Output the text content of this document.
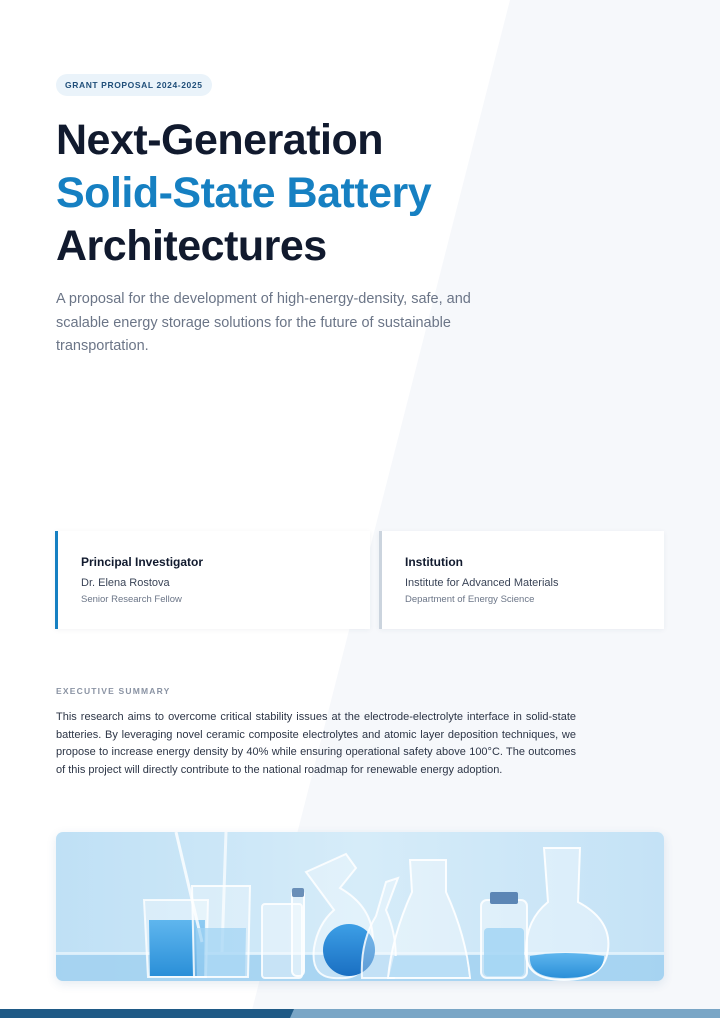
GRANT PROPOSAL 2024-2025
Next-Generation
Solid-State Battery
Architectures

A proposal for the development of high-energy-density, safe, and scalable energy storage solutions for the future of sustainable transportation.

Principal Investigator
Dr. Elena Rostova
Senior Research Fellow
Institution
Institute for Advanced Materials
Department of Energy Science
EXECUTIVE SUMMARY

This research aims to overcome critical stability issues at the electrode-electrolyte interface in solid-state batteries. By leveraging novel ceramic composite electrolytes and atomic layer deposition techniques, we propose to increase energy density by 40% while ensuring operational safety above 100°C. The outcomes of this project will directly contribute to the national roadmap for renewable energy adoption.
